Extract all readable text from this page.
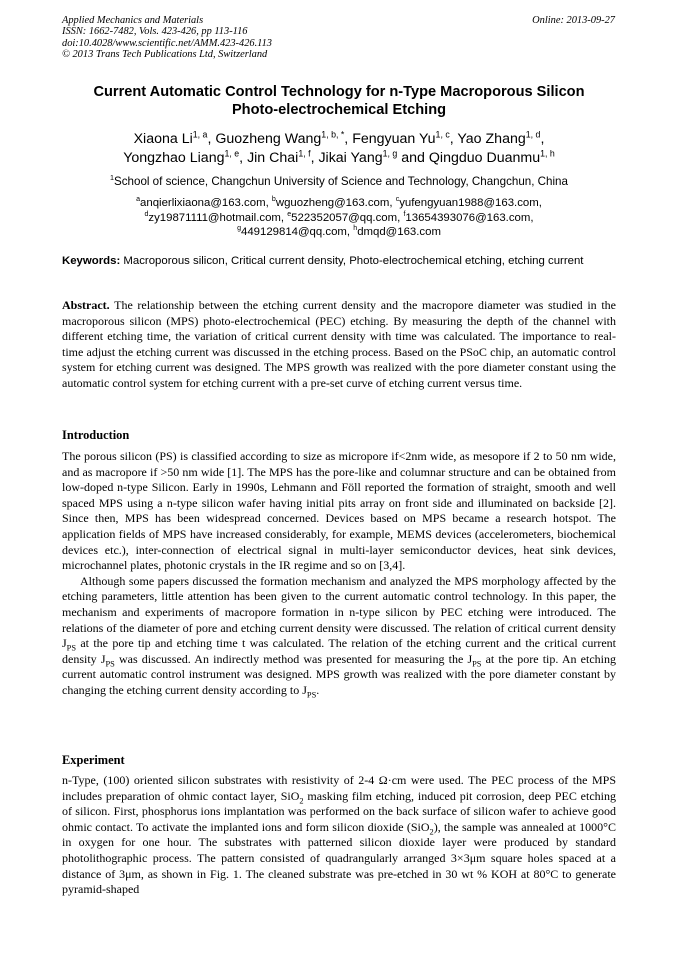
Applied Mechanics and Materials
ISSN: 1662-7482, Vols. 423-426, pp 113-116
doi:10.4028/www.scientific.net/AMM.423-426.113
© 2013 Trans Tech Publications Ltd, Switzerland
Online: 2013-09-27
Current Automatic Control Technology for n-Type Macroporous Silicon
Photo-electrochemical Etching
Xiaona Li$^{1, a}$, Guozheng Wang$^{1, b, *}$, Fengyuan Yu$^{1, c}$, Yao Zhang$^{1, d}$,
Yongzhao Liang$^{1, e}$, Jin Chai$^{1, f}$, Jikai Yang$^{1, g}$ and Qingduo Duanmu$^{1, h}$
$^1$School of science, Changchun University of Science and Technology, Changchun, China
$^a$anqierlixiaona@163.com, $^b$wguozheng@163.com, $^c$yufengyuan1988@163.com,
$^d$zy19871111@hotmail.com, $^e$522352057@qq.com, $^f$13654393076@163.com,
$^g$449129814@qq.com, $^h$dmqd@163.com
Keywords: Macroporous silicon, Critical current density, Photo-electrochemical etching, etching current

Abstract. The relationship between the etching current density and the macropore diameter was studied in the macroporous silicon (MPS) photo-electrochemical (PEC) etching. By measuring the depth of the channel with different etching time, the variation of critical current density with time was calculated. The importance to real-time adjust the etching current was discussed in the etching process. Based on the PSoC chip, an automatic control system for etching current was designed. The MPS growth was realized with the pore diameter constant using the automatic control system for etching current with a pre-set curve of etching current versus time.

Introduction

The porous silicon (PS) is classified according to size as micropore if<2nm wide, as mesopore if 2 to 50 nm wide, and as macropore if >50 nm wide [1]. The MPS has the pore-like and columnar structure and can be obtained from low-doped n-type Silicon. Early in 1990s, Lehmann and Föll reported the formation of straight, smooth and well spaced MPS using a n-type silicon wafer having initial pits array on front side and illuminated on backside [2]. Since then, MPS has been widespread concerned. Devices based on MPS became a research hotspot. The application fields of MPS have increased considerably, for example, MEMS devices (accelerometers, biochemical devices etc.), inter-connection of electrical signal in multi-layer semiconductor devices, heat sink devices, microchannel plates, photonic crystals in the IR regime and so on [3,4].

Although some papers discussed the formation mechanism and analyzed the MPS morphology affected by the etching parameters, little attention has been given to the current automatic control technology. In this paper, the mechanism and experiments of macropore formation in n-type silicon by PEC etching were introduced. The relations of the diameter of pore and etching current density were discussed. The relation of critical current density $J_{PS}$ at the pore tip and etching time t was calculated. The relation of the etching current and the critical current density $J_{PS}$ was discussed. An indirectly method was presented for measuring the $J_{PS}$ at the pore tip. An etching current automatic control instrument was designed. MPS growth was realized with the pore diameter constant by changing the etching current density according to $J_{PS}$.

Experiment

n-Type, (100) oriented silicon substrates with resistivity of 2-4 Ω·cm were used. The PEC process of the MPS includes preparation of ohmic contact layer, SiO$_2$ masking film etching, induced pit corrosion, deep PEC etching of silicon. First, phosphorus ions implantation was performed on the back surface of silicon wafer to achieve good ohmic contact. To activate the implanted ions and form silicon dioxide (SiO$_2$), the sample was annealed at 1000°C in oxygen for one hour. The substrates with patterned silicon dioxide layer were produced by standard photolithographic process. The pattern consisted of quadrangularly arranged 3×3μm square holes spaced at a distance of 3μm, as shown in Fig. 1. The cleaned substrate was pre-etched in 30 wt % KOH at 80°C to generate pyramid-shaped
